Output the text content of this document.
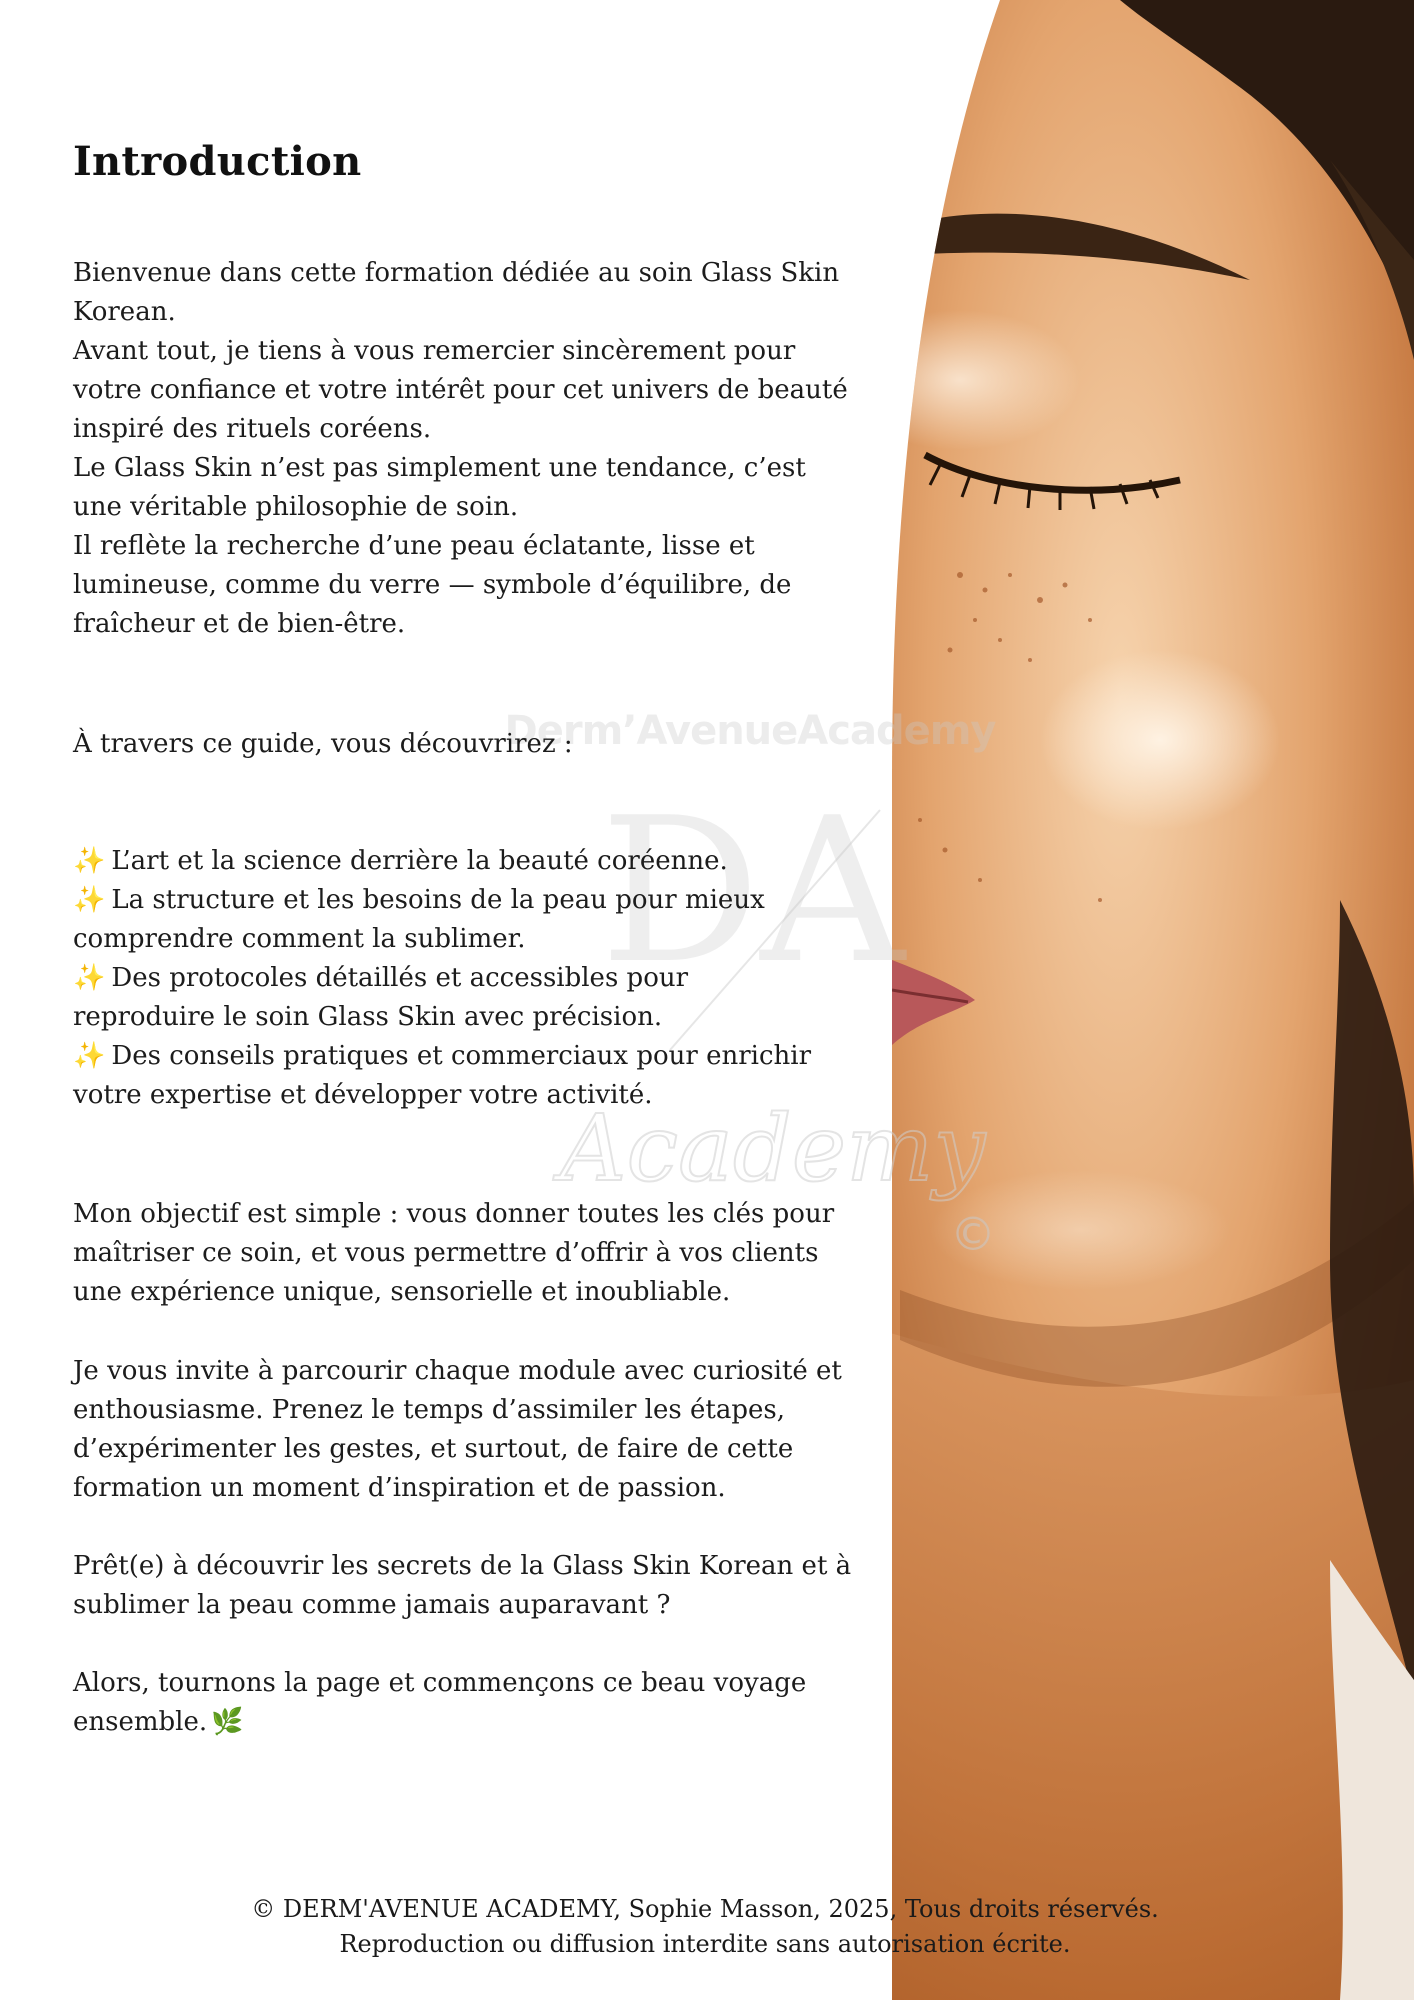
Derm’AvenueAcademy
DA
Academy
©
Introduction

Bienvenue dans cette formation dédiée au soin Glass Skin Korean.

Avant tout, je tiens à vous remercier sincèrement pour votre confiance et votre intérêt pour cet univers de beauté inspiré des rituels coréens.

Le Glass Skin n’est pas simplement une tendance, c’est une véritable philosophie de soin.

Il reflète la recherche d’une peau éclatante, lisse et lumineuse, comme du verre — symbole d’équilibre, de fraîcheur et de bien-être.

À travers ce guide, vous découvrirez :

✨ L’art et la science derrière la beauté coréenne.

✨ La structure et les besoins de la peau pour mieux comprendre comment la sublimer.

✨ Des protocoles détaillés et accessibles pour reproduire le soin Glass Skin avec précision.

✨ Des conseils pratiques et commerciaux pour enrichir votre expertise et développer votre activité.

Mon objectif est simple : vous donner toutes les clés pour maîtriser ce soin, et vous permettre d’offrir à vos clients une expérience unique, sensorielle et inoubliable.

Je vous invite à parcourir chaque module avec curiosité et enthousiasme. Prenez le temps d’assimiler les étapes, d’expérimenter les gestes, et surtout, de faire de cette formation un moment d’inspiration et de passion.

Prêt(e) à découvrir les secrets de la Glass Skin Korean et à sublimer la peau comme jamais auparavant ?

Alors, tournons la page et commençons ce beau voyage ensemble. 🌿

© DERM'AVENUE ACADEMY, Sophie Masson, 2025, Tous droits réservés.
Reproduction ou diffusion interdite sans autorisation écrite.
